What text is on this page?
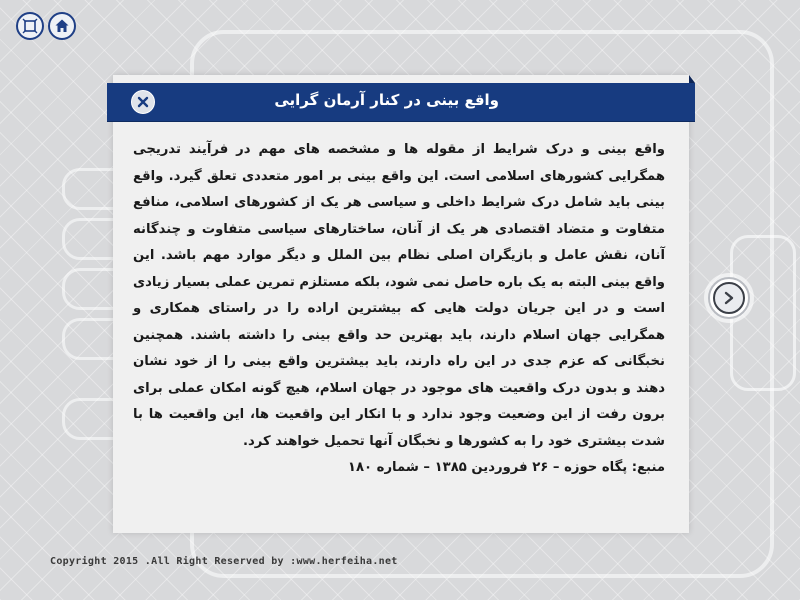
واقع بینی در کنار آرمان گرایی
واقع بینی و درک شرایط از مقوله ها و مشخصه های مهم در فرآیند تدریجی همگرایی کشورهای اسلامی است. این واقع بینی بر امور متعددی تعلق گیرد. واقع بینی باید شامل درک شرایط داخلی و سیاسی هر یک از کشورهای اسلامی، منافع متفاوت و متضاد اقتصادی هر یک از آنان، ساختارهای سیاسی متفاوت و چندگانه آنان، نقش عامل و بازیگران اصلی نظام بین الملل و دیگر موارد مهم باشد. این واقع بینی البته به یک باره حاصل نمی شود، بلکه مستلزم تمرین عملی بسیار زیادی است و در این جریان دولت هایی که بیشترین اراده را در راستای همکاری و همگرایی جهان اسلام دارند، باید بهترین حد واقع بینی را داشته باشند. همچنین نخبگانی که عزم جدی در این راه دارند، باید بیشترین واقع بینی را از خود نشان دهند و بدون درک واقعیت های موجود در جهان اسلام، هیچ گونه امکان عملی برای برون رفت از این وضعیت وجود ندارد و با انکار این واقعیت ها، این واقعیت ها با شدت بیشتری خود را به کشورها و نخبگان آنها تحمیل خواهند کرد.
منبع: پگاه حوزه – ۲۶ فروردین ۱۳۸۵ – شماره ۱۸۰
Copyright 2015 .All Right Reserved by :www.herfeiha.net
